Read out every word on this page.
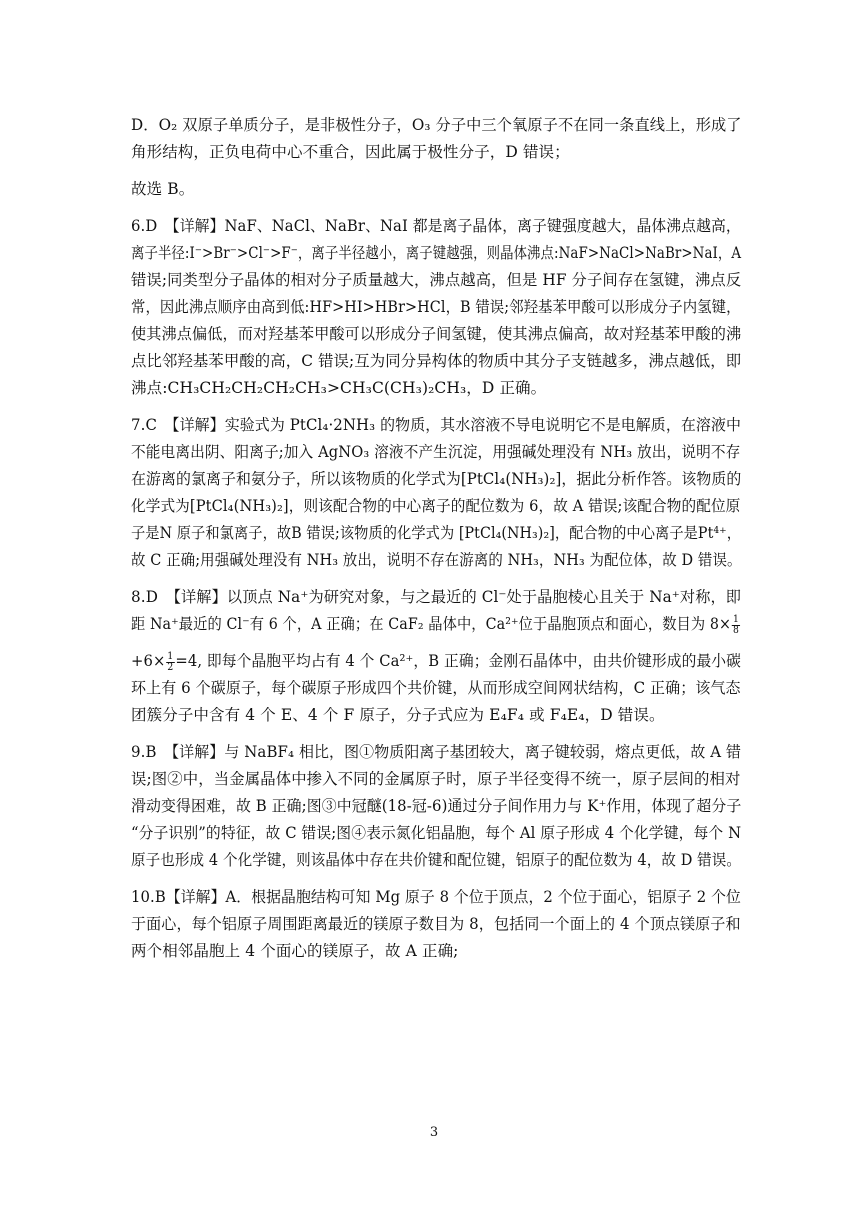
D．O₂ 双原子单质分子，是非极性分子，O₃ 分子中三个氧原子不在同一条直线上，形成了
角形结构，正负电荷中心不重合，因此属于极性分子，D 错误；

故选 B。

6.D　【详解】NaF、NaCl、NaBr、NaI 都是离子晶体，离子键强度越大，晶体沸点越高，
离子半径:I⁻>Br⁻>Cl⁻>F⁻，离子半径越小，离子键越强，则晶体沸点:NaF>NaCl>NaBr>NaI，A
错误;同类型分子晶体的相对分子质量越大，沸点越高，但是 HF 分子间存在氢键，沸点反
常，因此沸点顺序由高到低:HF>HI>HBr>HCl，B 错误;邻羟基苯甲酸可以形成分子内氢键，
使其沸点偏低，而对羟基苯甲酸可以形成分子间氢键，使其沸点偏高，故对羟基苯甲酸的沸
点比邻羟基苯甲酸的高，C 错误;互为同分异构体的物质中其分子支链越多，沸点越低，即
沸点:CH₃CH₂CH₂CH₂CH₃>CH₃C(CH₃)₂CH₃，D 正确。

7.C　【详解】实验式为 PtCl₄·2NH₃ 的物质，其水溶液不导电说明它不是电解质，在溶液中
不能电离出阴、阳离子;加入 AgNO₃ 溶液不产生沉淀，用强碱处理没有 NH₃ 放出，说明不存
在游离的氯离子和氨分子，所以该物质的化学式为[PtCl₄(NH₃)₂]，据此分析作答。该物质的
化学式为[PtCl₄(NH₃)₂]，则该配合物的中心离子的配位数为 6，故 A 错误;该配合物的配位原
子是N 原子和氯离子，故B 错误;该物质的化学式为 [PtCl₄(NH₃)₂]，配合物的中心离子是Pt⁴⁺，
故 C 正确;用强碱处理没有 NH₃ 放出，说明不存在游离的 NH₃，NH₃ 为配位体，故 D 错误。

8.D　【详解】以顶点 Na⁺为研究对象，与之最近的 Cl⁻处于晶胞棱心且关于 Na⁺对称，即
距 Na⁺最近的 Cl⁻有 6 个，A 正确；在 CaF₂ 晶体中，Ca²⁺位于晶胞顶点和面心，数目为 $8\times \frac{1}{8}$
$+6\times \frac{1}{2} =4$, 即每个晶胞平均占有 4 个 Ca²⁺，B 正确；金刚石晶体中，由共价键形成的最小碳
环上有 6 个碳原子，每个碳原子形成四个共价键，从而形成空间网状结构，C 正确；该气态
团簇分子中含有 4 个 E、4 个 F 原子，分子式应为 E₄F₄ 或 F₄E₄，D 错误。

9.B　【详解】与 NaBF₄ 相比，图①物质阳离子基团较大，离子键较弱，熔点更低，故 A 错
误;图②中，当金属晶体中掺入不同的金属原子时，原子半径变得不统一，原子层间的相对
滑动变得困难，故 B 正确;图③中冠醚(18-冠-6)通过分子间作用力与 K⁺作用，体现了超分子
“分子识别”的特征，故 C 错误;图④表示氮化铝晶胞，每个 Al 原子形成 4 个化学键，每个 N
原子也形成 4 个化学键，则该晶体中存在共价键和配位键，铝原子的配位数为 4，故 D 错误。

10.B【详解】A．根据晶胞结构可知 Mg 原子 8 个位于顶点，2 个位于面心，铝原子 2 个位
于面心，每个铝原子周围距离最近的镁原子数目为 8，包括同一个面上的 4 个顶点镁原子和
两个相邻晶胞上 4 个面心的镁原子，故 A 正确;

3
